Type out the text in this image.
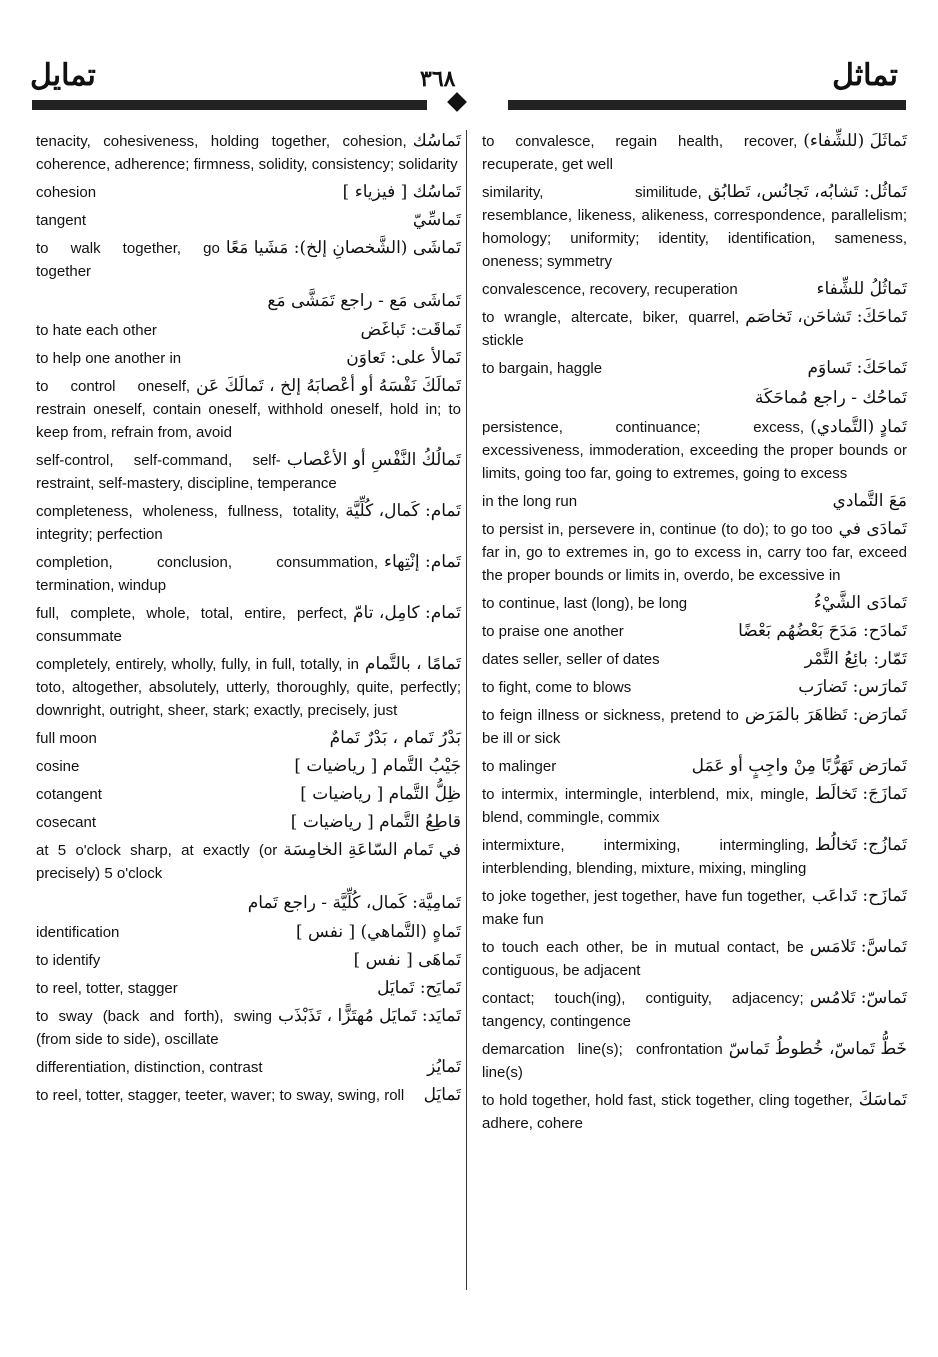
تمايل	٣٦٨	تماثل
تَماسُك
tenacity, cohesiveness, holding together, cohesion, coherence, adherence; firmness, solidity, consistency; solidarity
تَماسُك [ فيزياء ]
cohesion
تَماسِّيّ
tangent
تَماشَى (الشَّخصانِ إلخ): مَشَيا مَعًا
to walk together, go together
تَماشَى مَع - راجع تَمَشَّى مَع
تَماقَت: تَباغَض
to hate each other
تَمالأ على: تَعاوَن
to help one another in
تَمالَكَ نَفْسَهُ أو أعْصابَهُ إلخ ، تَمالَكَ عَن
to control oneself, restrain oneself, contain oneself, withhold oneself, hold in; to keep from, refrain from, avoid
تَمالُكُ النَّفْسِ أو الأعْصاب
self-control, self-command, self-restraint, self-mastery, discipline, temperance
تَمام: كَمال، كُلِّيَّة
completeness, wholeness, fullness, totality, integrity; perfection
تَمام: إنْتِهاء
completion, conclusion, consummation, termination, windup
تَمام: كامِل، تامّ
full, complete, whole, total, entire, perfect, consummate
تَمامًا ، بالتَّمام
completely, entirely, wholly, fully, in full, totally, in toto, altogether, absolutely, utterly, thoroughly, quite, perfectly; downright, outright, sheer, stark; exactly, precisely, just
بَدْرُ تَمام ، بَدْرٌ تَمامٌ
full moon
جَيْبُ التَّمام [ رياضيات ]
cosine
ظِلُّ التَّمام [ رياضيات ]
cotangent
قاطِعُ التَّمام [ رياضيات ]
cosecant
في تَمام السّاعَةِ الخامِسَة
at 5 o'clock sharp, at exactly (or precisely) 5 o'clock
تَمامِيَّة: كَمال، كُلِّيَّة - راجع تَمام
تَماهٍ (التَّماهي) [ نفس ]
identification
تَماهَى [ نفس ]
to identify
تَمايَح: تَمايَل
to reel, totter, stagger
تَمايَد: تَمايَل مُهتَزًّا ، تَذَبْذَب
to sway (back and forth), swing (from side to side), oscillate
تَمايُز
differentiation, distinction, contrast
تَمايَل
to reel, totter, stagger, teeter, waver; to sway, swing, roll
تَماثَلَ (للشِّفاء)
to convalesce, regain health, recover, recuperate, get well
تَماثُل: تَشابُه، تَجانُس، تَطابُق
similarity, similitude, resemblance, likeness, alikeness, correspondence, parallelism; homology; uniformity; identity, identification, sameness, oneness; symmetry
تَماثُلُ للشِّفاء
convalescence, recovery, recuperation
تَماحَكَ: تَشاحَن، تَخاصَم
to wrangle, altercate, biker, quarrel, stickle
تَماحَكَ: تَساوَم
to bargain, haggle
تَماحُك - راجع مُماحَكَة
تَمادٍ (التَّمادي)
persistence, continuance; excess, excessiveness, immoderation, exceeding the proper bounds or limits, going too far, going to extremes, going to excess
مَعَ التَّمادي
in the long run
تَمادَى في
to persist in, persevere in, continue (to do); to go too far in, go to extremes in, go to excess in, carry too far, exceed the proper bounds or limits in, overdo, be excessive in
تَمادَى الشَّيْءُ
to continue, last (long), be long
تَمادَح: مَدَحَ بَعْضُهُم بَعْضًا
to praise one another
تَمّار: بائِعُ التَّمْر
dates seller, seller of dates
تَمارَس: تَضارَب
to fight, come to blows
تَمارَض: تَظاهَرَ بالمَرَض
to feign illness or sickness, pretend to be ill or sick
تَمارَض تَهَرُّبًا مِنْ واجِبٍ أو عَمَل
to malinger
تَمازَجَ: تَخالَط
to intermix, intermingle, interblend, mix, mingle, blend, commingle, commix
تَمازُج: تَخالُط
intermixture, intermixing, intermingling, interblending, blending, mixture, mixing, mingling
تَمازَح: تَداعَب
to joke together, jest together, have fun together, make fun
تَماسَّ: تَلامَس
to touch each other, be in mutual contact, be contiguous, be adjacent
تَماسّ: تَلامُس
contact; touch(ing), contiguity, adjacency; tangency, contingence
خَطُّ تَماسّ، خُطوطُ تَماسّ
demarcation line(s); confrontation line(s)
تَماسَكَ
to hold together, hold fast, stick together, cling together, adhere, cohere
